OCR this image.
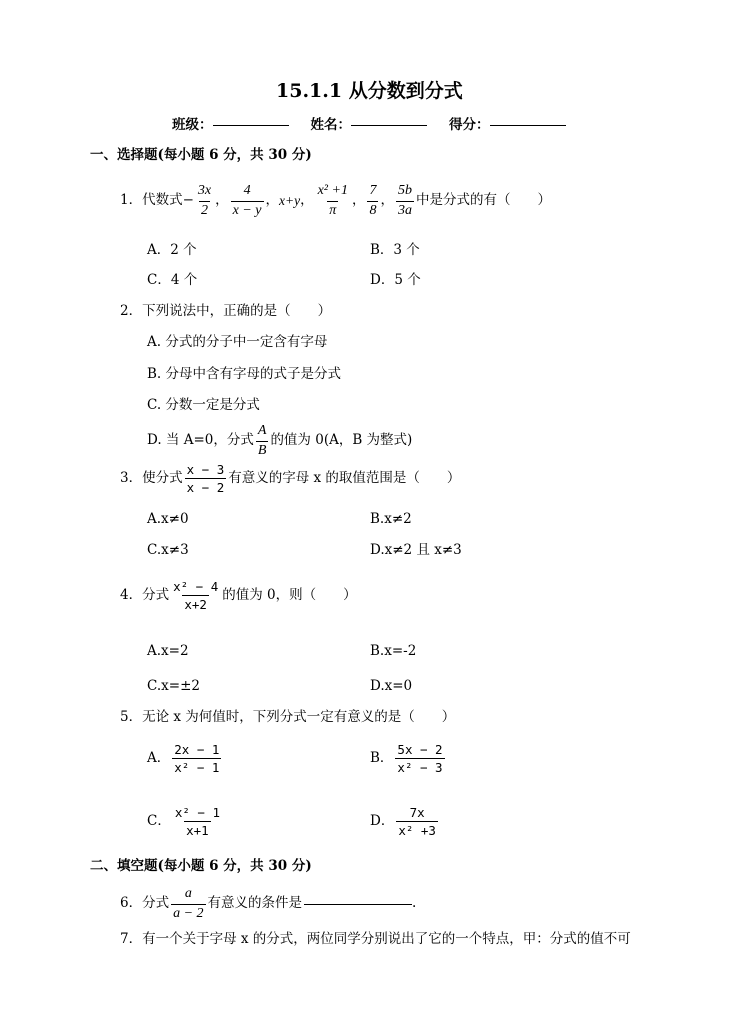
15.1.1 从分数到分式
班级：	姓名：	得分：
一、选择题(每小题 6 分，共 30 分)
1．代数式 − $\frac{3x}{2}$ ， $\frac{4}{x - y}$ ， x+y ， $\frac{\text{x² +1}}{\pi}$ ， $\frac{7}{8}$ ， $\frac{5b}{3a}$ 中是分式的有（　　）
A．2 个	B．3 个
C．4 个	D．5 个
2．下列说法中，正确的是（　　）
A. 分式的分子中一定含有字母
B. 分母中含有字母的式子是分式
C. 分数一定是分式
D. 当 A=0，分式 $\frac{A}{B}$ 的值为 0(A，B 为整式)
3．使分式 $\frac{x - 3}{x - 2}$ 有意义的字母 x 的取值范围是（　　）
A.x≠0	B.x≠2
C.x≠3	D.x≠2 且 x≠3
4．分式 $\frac{\text{x² − 4}}{x+2}$ 的值为 0，则（　　）
A.x=2	B.x=-2
C.x=±2	D.x=0
5．无论 x 为何值时，下列分式一定有意义的是（　　）
A． $\frac{2x - 1}{\text{x² − 1}}$	B． $\frac{5x - 2}{\text{x² − 3}}$
C． $\frac{\text{x² − 1}}{x+1}$	D． $\frac{7x}{\text{x² +3}}$
二、填空题(每小题 6 分，共 30 分)
6．分式 $\frac{a}{a - 2}$ 有意义的条件是	.
7．有一个关于字母 x 的分式，两位同学分别说出了它的一个特点，甲：分式的值不可
